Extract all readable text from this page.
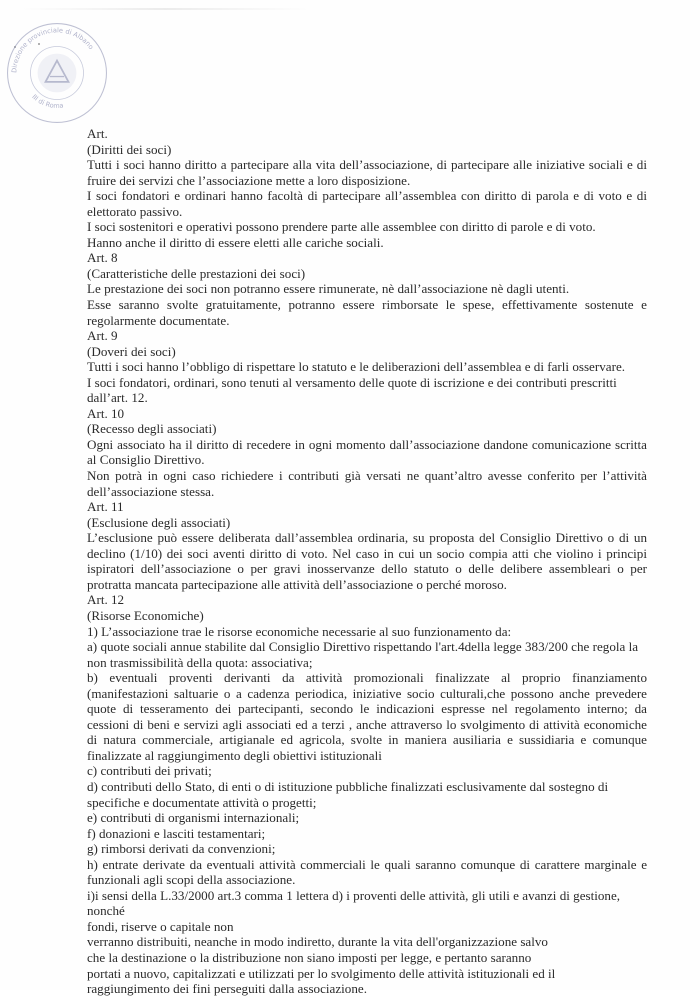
Direzione provinciale di Albano
III di Roma

Art.

(Diritti dei soci)

Tutti i soci hanno diritto a partecipare alla vita dell’associazione, di partecipare alle iniziative sociali e di fruire dei servizi che l’associazione mette a loro disposizione.

I soci fondatori e ordinari hanno facoltà di partecipare all’assemblea con diritto di parola e di voto e di elettorato passivo.

I soci sostenitori e operativi possono prendere parte alle assemblee con diritto di parole e di voto.

Hanno anche il diritto di essere eletti alle cariche sociali.

Art. 8

(Caratteristiche delle prestazioni dei soci)

Le prestazione dei soci non potranno essere rimunerate, nè dall’associazione nè dagli utenti.

Esse saranno svolte gratuitamente, potranno essere rimborsate le spese, effettivamente sostenute e regolarmente documentate.

Art. 9

(Doveri dei soci)

Tutti i soci hanno l’obbligo di rispettare lo statuto e le deliberazioni dell’assemblea e di farli osservare.

I soci fondatori, ordinari, sono tenuti al versamento delle quote di iscrizione e dei contributi prescritti dall’art. 12.

Art. 10

(Recesso degli associati)

Ogni associato ha il diritto di recedere in ogni momento dall’associazione dandone comunicazione scritta al Consiglio Direttivo.

Non potrà in ogni caso richiedere i contributi già versati ne quant’altro avesse conferito per l’attività dell’associazione stessa.

Art. 11

(Esclusione degli associati)

L’esclusione può essere deliberata dall’assemblea ordinaria, su proposta del Consiglio Direttivo o di un declino (1/10) dei soci aventi diritto di voto. Nel caso in cui un socio compia atti che violino i principi ispiratori dell’associazione o per gravi inosservanze dello statuto o delle delibere assembleari o per protratta mancata partecipazione alle attività dell’associazione o perché moroso.

Art. 12

(Risorse Economiche)

1) L’associazione trae le risorse economiche necessarie al suo funzionamento da:

a) quote sociali annue stabilite dal Consiglio Direttivo rispettando l'art.4della legge 383/200 che regola la non trasmissibilità della quota: associativa;

b) eventuali proventi derivanti da attività promozionali finalizzate al proprio finanziamento (manifestazioni saltuarie o a cadenza periodica, iniziative socio culturali,che possono anche prevedere quote di tesseramento dei partecipanti, secondo le indicazioni espresse nel regolamento interno; da cessioni di beni e servizi agli associati ed a terzi , anche attraverso lo svolgimento di attività economiche di natura commerciale, artigianale ed agricola, svolte in maniera ausiliaria e sussidiaria e comunque finalizzate al raggiungimento degli obiettivi istituzionali

c) contributi dei privati;

d) contributi dello Stato, di enti o di istituzione pubbliche finalizzati esclusivamente dal sostegno di specifiche e documentate attività o progetti;

e) contributi di organismi internazionali;

f) donazioni e lasciti testamentari;

g) rimborsi derivati da convenzioni;

h) entrate derivate da eventuali attività commerciali le quali saranno comunque di carattere marginale e funzionali agli scopi della associazione.

i)i sensi della L.33/2000 art.3 comma 1 lettera d) i proventi delle attività, gli utili e avanzi di gestione, nonché

fondi, riserve o capitale non

verranno distribuiti, neanche in modo indiretto, durante la vita dell'organizzazione salvo

che la destinazione o la distribuzione non siano imposti per legge, e pertanto saranno

portati a nuovo, capitalizzati e utilizzati per lo svolgimento delle attività istituzionali ed il

raggiungimento dei fini perseguiti dalla associazione.
